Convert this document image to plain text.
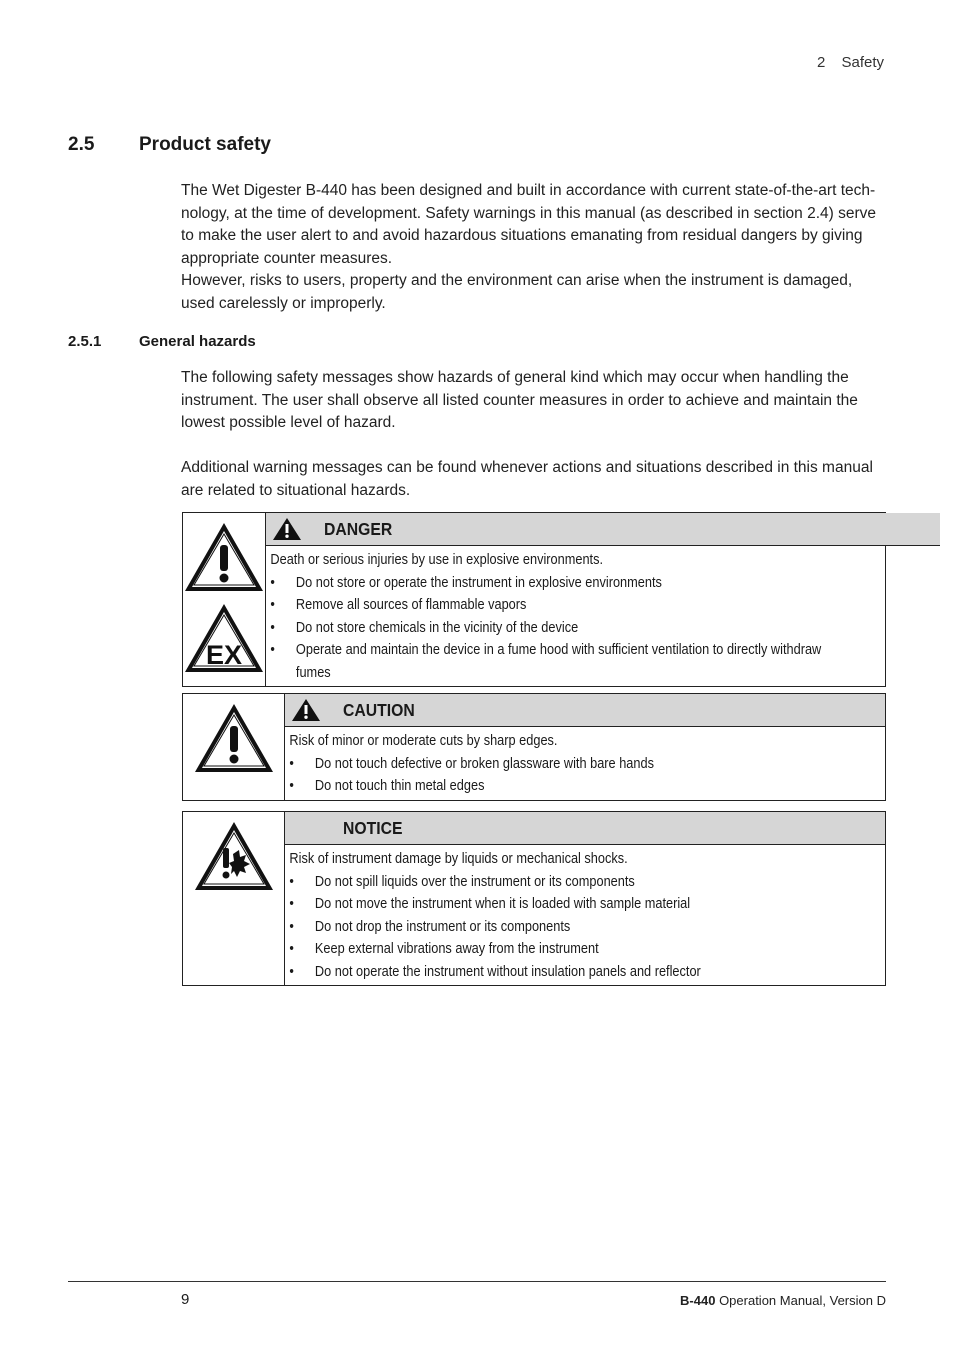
2 Safety
2.5 Product safety

The Wet Digester B-440 has been designed and built in accordance with current state-of-the-art tech-nology, at the time of development. Safety warnings in this manual (as described in section 2.4) serve to make the user alert to and avoid hazardous situations emanating from residual dangers by giving appropriate counter measures.

However, risks to users, property and the environment can arise when the instrument is damaged, used carelessly or improperly.

2.5.1	General hazards

The following safety messages show hazards of general kind which may occur when handling the instrument. The user shall observe all listed counter measures in order to achieve and maintain the lowest possible level of hazard.

Additional warning messages can be found whenever actions and situations described in this manual are related to situational hazards.

EX
DANGER
Death or serious injuries by use in explosive environments.
• Do not store or operate the instrument in explosive environments
• Remove all sources of flammable vapors
• Do not store chemicals in the vicinity of the device
• Operate and maintain the device in a fume hood with sufficient ventilation to directly withdraw fumes
CAUTION
Risk of minor or moderate cuts by sharp edges.
• Do not touch defective or broken glassware with bare hands
• Do not touch thin metal edges
NOTICE
Risk of instrument damage by liquids or mechanical shocks.
• Do not spill liquids over the instrument or its components
• Do not move the instrument when it is loaded with sample material
• Do not drop the instrument or its components
• Keep external vibrations away from the instrument
• Do not operate the instrument without insulation panels and reflector
9	B-440 Operation Manual, Version D
